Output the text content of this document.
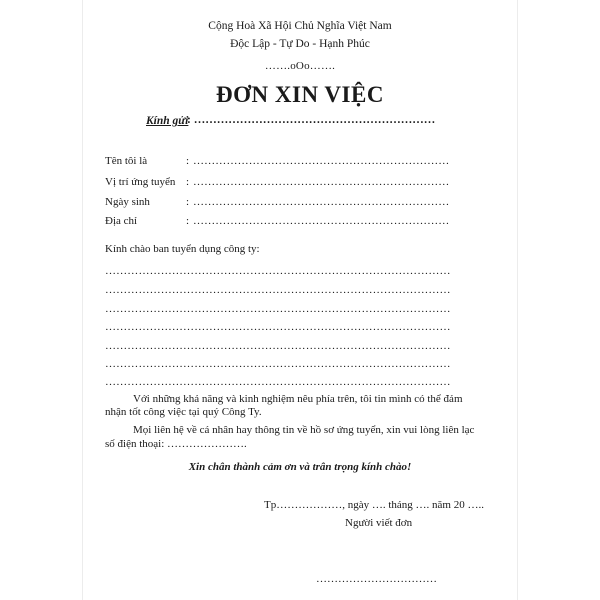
Cộng Hoà Xã Hội Chủ Nghĩa Việt Nam
Độc Lập - Tự Do - Hạnh Phúc
…….oOo…….
ĐƠN XIN VIỆC
Kính gửi
: ………………………………………………………
Tên tôi là	: ……………………………………………………………
Vị trí ứng tuyển : ……………………………………………………………
Ngày sinh	: ……………………………………………………………
Địa chỉ	: ……………………………………………………………
Kính chào ban tuyển dụng công ty:
…………………………………………………………………………………
…………………………………………………………………………………
…………………………………………………………………………………
…………………………………………………………………………………
…………………………………………………………………………………
…………………………………………………………………………………
…………………………………………………………………………………
Với những khả năng và kinh nghiệm nêu phía trên, tôi tin mình có thể đảm
nhận tốt công việc tại quý Công Ty.
Mọi liên hệ về cá nhân hay thông tin về hồ sơ ứng tuyển, xin vui lòng liên lạc
số điện thoại: ………………….
Xin chân thành cảm ơn và trân trọng kính chào!
Tp………………, ngày …. tháng …. năm 20 …..
Người viết đơn
……………………………
